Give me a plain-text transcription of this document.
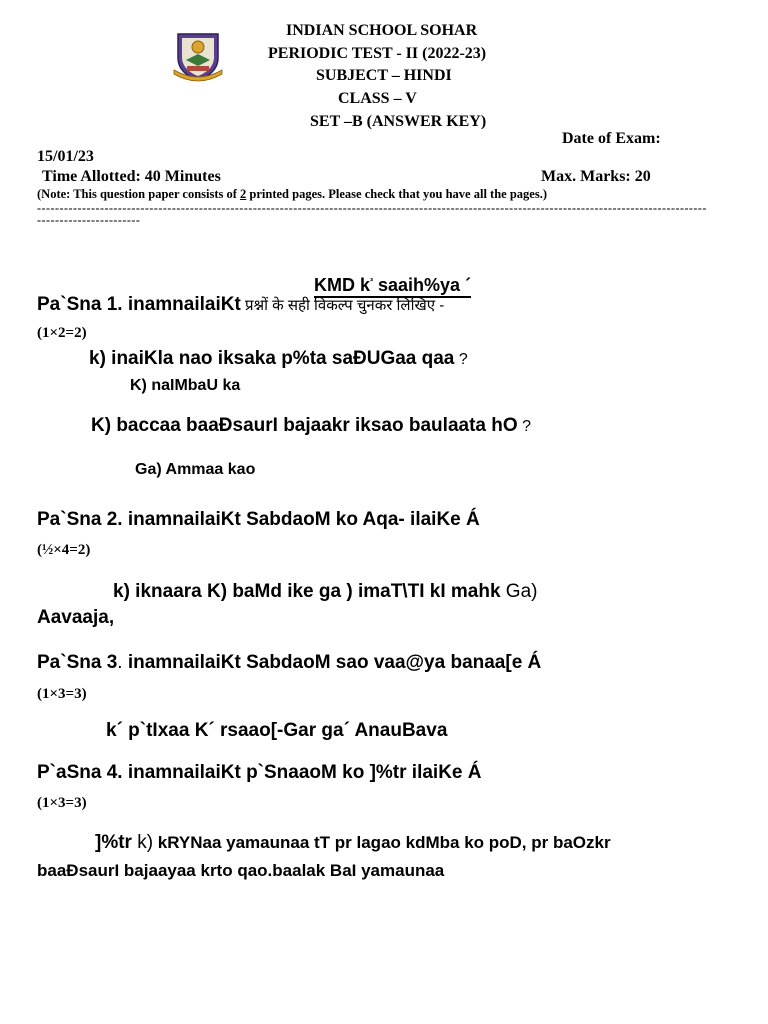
INDIAN SCHOOL SOHAR
PERIODIC TEST - II (2022-23)
SUBJECT – HINDI
CLASS – V
SET –B (ANSWER KEY)
Date of Exam:
15/01/23
Time Allotted: 40 Minutes	Max. Marks: 20
(Note: This question paper consists of 2 printed pages. Please check that you have all the pages.)
----------------------------------------------------------------------------------------------------------------------------------------------------------------------------
KMD $k^{^3}$ saaih%ya ´
Pa`Sna 1. inamnailaiKt प्रश्नों के सही विकल्प चुनकर लिखिए -
(1×2=2)
k) inaiKla nao iksaka p%ta saÐUGaa qaa ?
K) naIMbaU ka
K) baccaa baaÐsaurI bajaakr iksao baulaata hO ?
Ga) Ammaa kao
Pa`Sna 2. inamnailaiKt SabdaoM ko Aqa- ilaiKe Á
(½×4=2)
k) iknaara K) baMd ike ga ) imaT\TI kI mahk Ga)
Aavaaja,
Pa`Sna 3. inamnailaiKt SabdaoM sao vaa@ya banaa[e Á
(1×3=3)
k´ p`tIxaa K´ rsaao[-Gar ga´ AnauBava
P`aSna 4. inamnailaiKt p`SnaaoM ko ]%tr ilaiKe Á
(1×3=3)
]%tr k) kRYNaa yamaunaa tT pr lagao kdMba ko poD, pr baOzkr
baaÐsaurI bajaayaa krto qao.baalak BaI yamaunaa
